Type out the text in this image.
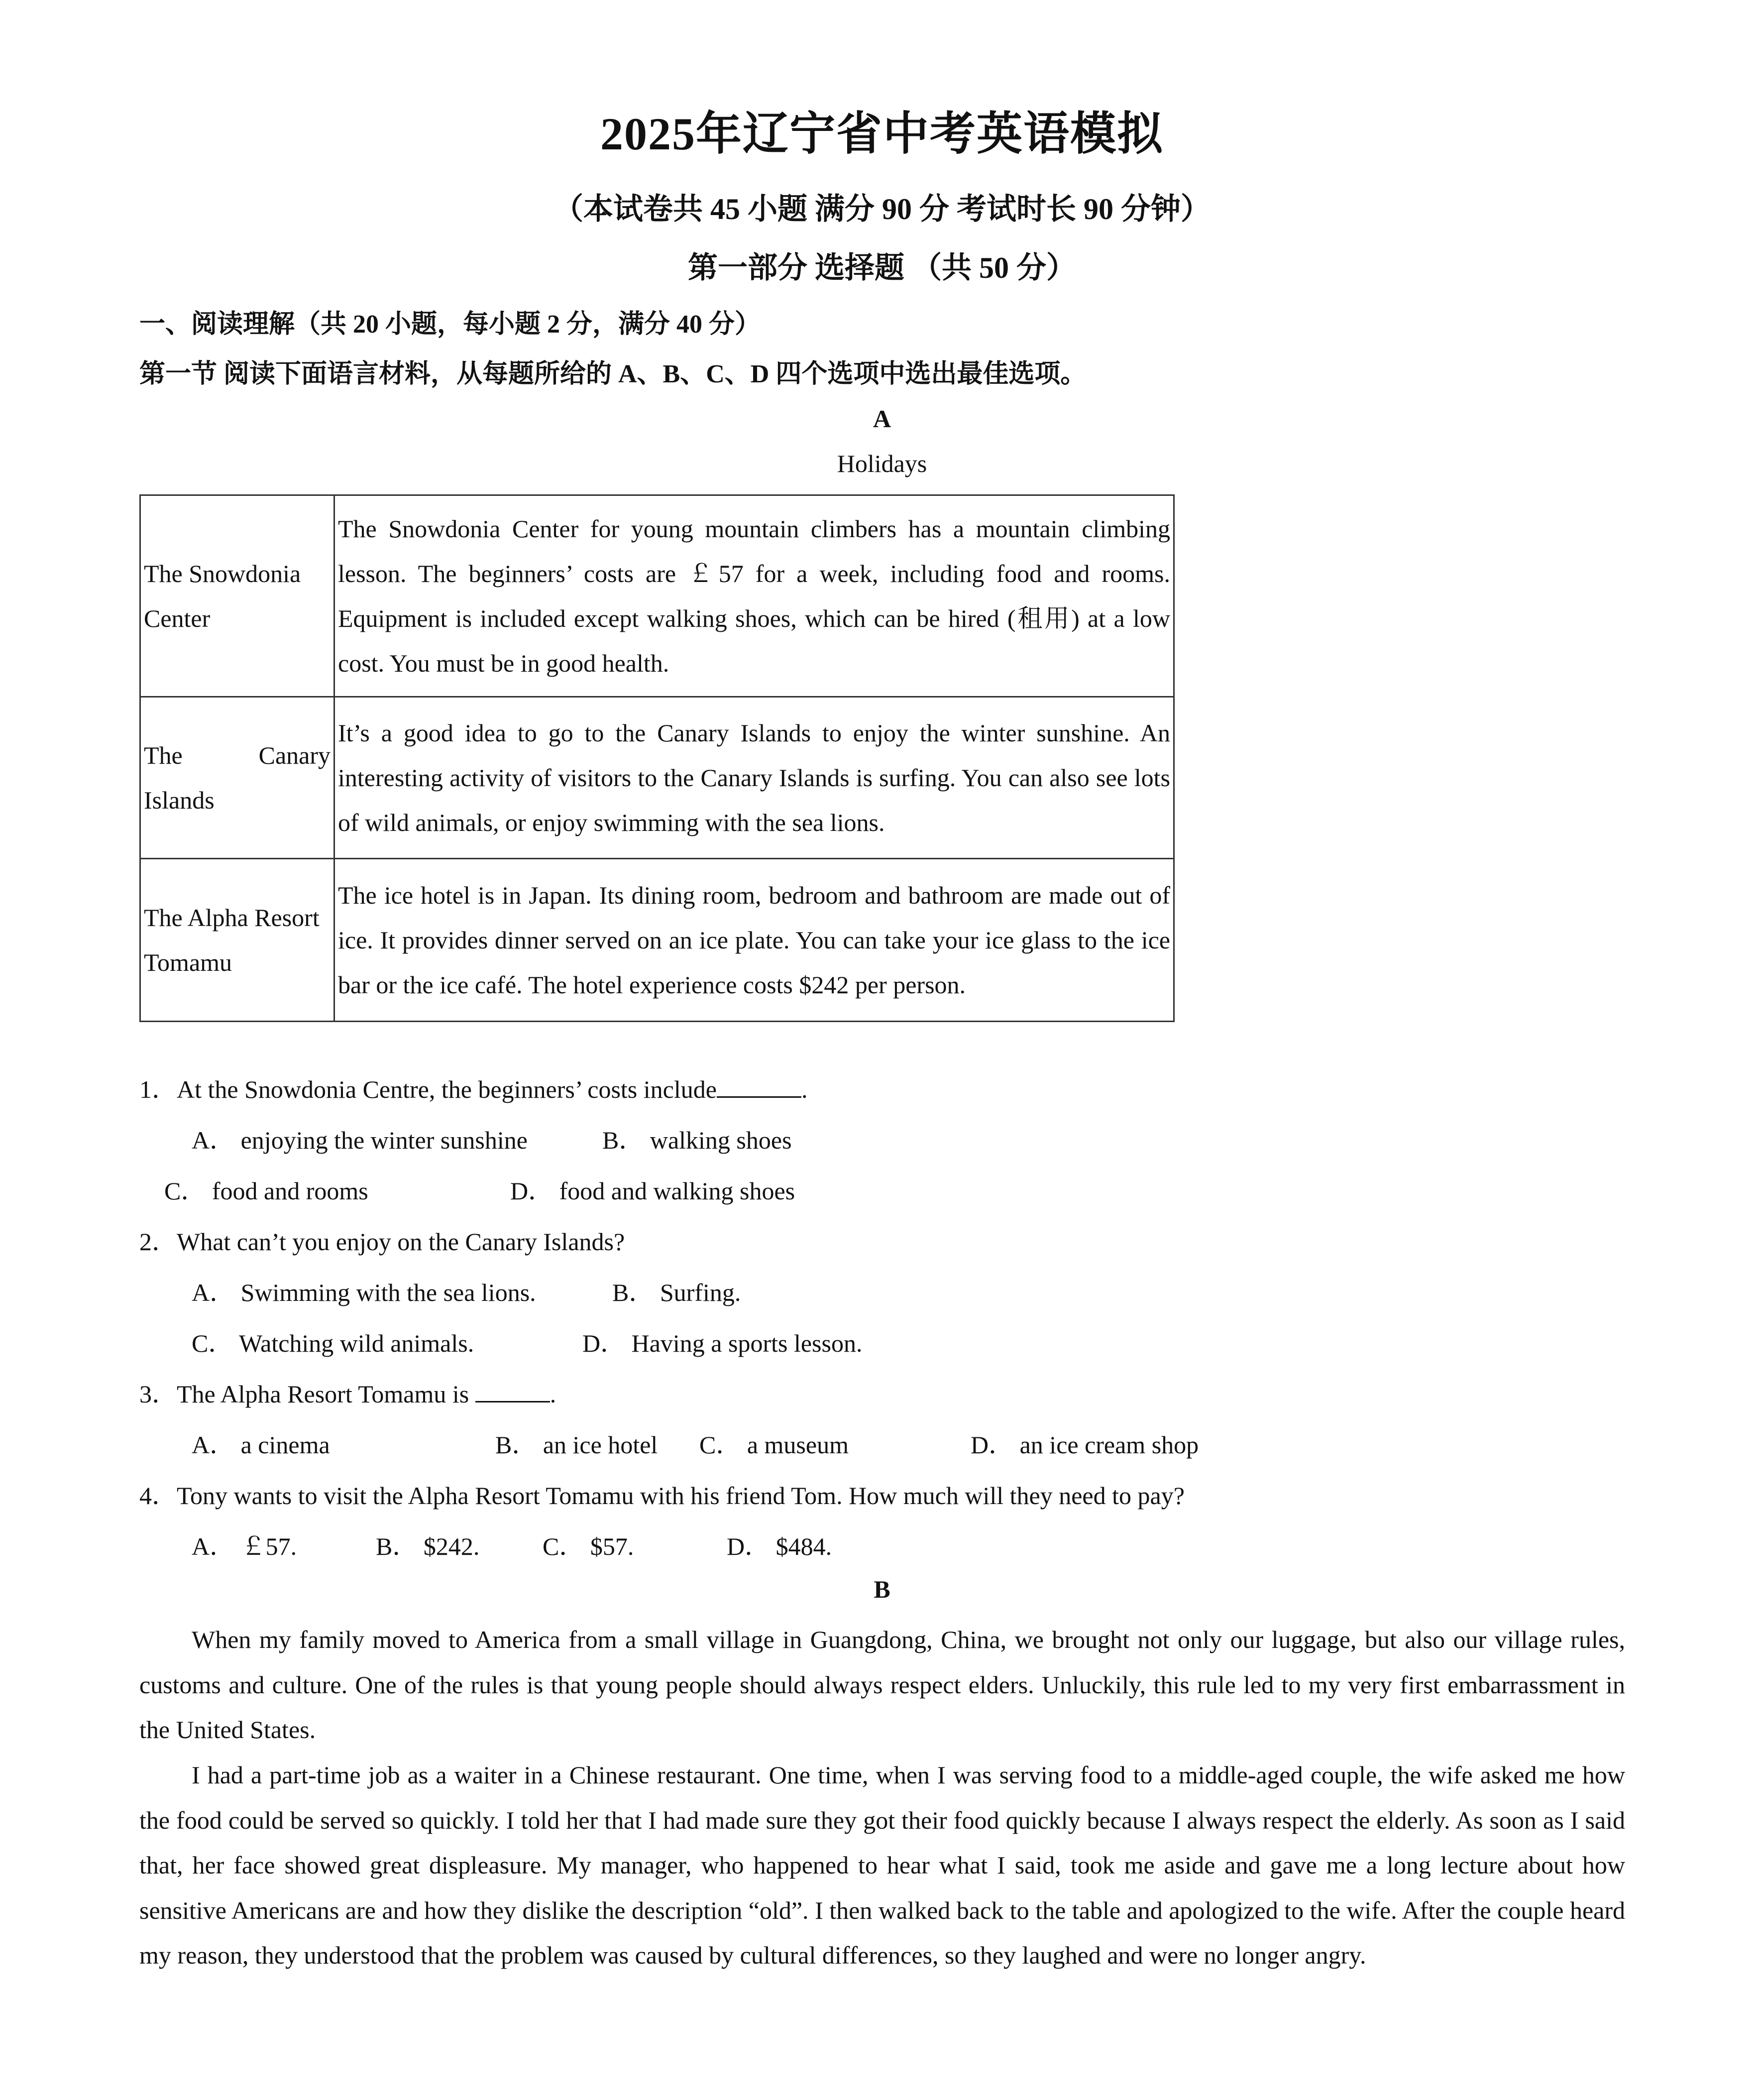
2025年辽宁省中考英语模拟
（本试卷共 45 小题 满分 90 分 考试时长 90 分钟）
第一部分 选择题 （共 50 分）
一、阅读理解（共 20 小题，每小题 2 分，满分 40 分）
第一节 阅读下面语言材料，从每题所给的 A、B、C、D 四个选项中选出最佳选项。
A
Holidays
The Snowdonia
Center	The Snowdonia Center for young mountain climbers has a mountain climbing lesson. The beginners’ costs are ￡57 for a week, including food and rooms. Equipment is included except walking shoes, which can be hired (租用) at a low cost. You must be in good health.

The Canary
Islands	It’s a good idea to go to the Canary Islands to enjoy the winter sunshine. An interesting activity of visitors to the Canary Islands is surfing. You can also see lots of wild animals, or enjoy swimming with the sea lions.

The Alpha Resort
Tomamu	The ice hotel is in Japan. Its dining room, bedroom and bathroom are made out of ice. It provides dinner served on an ice plate. You can take your ice glass to the ice bar or the ice café. The hotel experience costs $242 per person.
1．At the Snowdonia Centre, the beginners’ costs include	.
A． enjoying the winter sunshine	B． walking shoes
C． food and rooms	D． food and walking shoes
2．What can’t you enjoy on the Canary Islands?
A． Swimming with the sea lions.	B． Surfing.
C． Watching wild animals.	D． Having a sports lesson.
3．The Alpha Resort Tomamu is	.
A． a cinema	B． an ice hotel C． a museum	D． an ice cream shop
4．Tony wants to visit the Alpha Resort Tomamu with his friend Tom. How much will they need to pay?
A． ￡57.	B． $242.	C． $57.	D． $484.
B
When my family moved to America from a small village in Guangdong, China, we brought not only our luggage, but also our village rules, customs and culture. One of the rules is that young people should always respect elders. Unluckily, this rule led to my very first embarrassment in the United States.
I had a part-time job as a waiter in a Chinese restaurant. One time, when I was serving food to a middle-aged couple, the wife asked me how the food could be served so quickly. I told her that I had made sure they got their food quickly because I always respect the elderly. As soon as I said that, her face showed great displeasure. My manager, who happened to hear what I said, took me aside and gave me a long lecture about how sensitive Americans are and how they dislike the description “old”. I then walked back to the table and apologized to the wife. After the couple heard my reason, they understood that the problem was caused by cultural differences, so they laughed and were no longer angry.
